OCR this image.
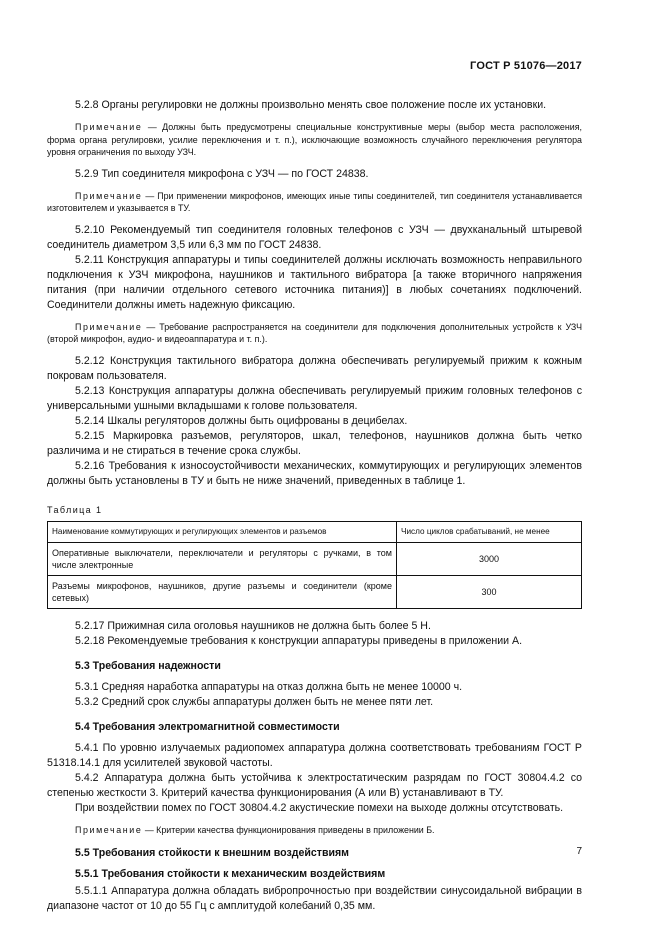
ГОСТ Р 51076—2017

5.2.8 Органы регулировки не должны произвольно менять свое положение после их установки.

Примечание — Должны быть предусмотрены специальные конструктивные меры (выбор места расположения, формa органа регулировки, усилие переключения и т. п.), исключающие возможность случайного переключения регулятора уровня ограничения по выходу УЗЧ.

5.2.9 Тип соединителя микрофона с УЗЧ — по ГОСТ 24838.

Примечание — При применении микрофонов, имеющих иные типы соединителей, тип соединителя устанавливается изготовителем и указывается в ТУ.

5.2.10 Рекомендуемый тип соединителя головных телефонов с УЗЧ — двухканальный штыревой соединитель диаметром 3,5 или 6,3 мм по ГОСТ 24838.

5.2.11 Конструкция аппаратуры и типы соединителей должны исключать возможность неправильного подключения к УЗЧ микрофона, наушников и тактильного вибратора [а также вторичного напряжения питания (при наличии отдельного сетевого источника питания)] в любых сочетаниях подключений. Соединители должны иметь надежную фиксацию.

Примечание — Требование распространяется на соединители для подключения дополнительных устройств к УЗЧ (второй микрофон, аудио- и видеоаппаратура и т. п.).

5.2.12 Конструкция тактильного вибратора должна обеспечивать регулируемый прижим к кожным покровам пользователя.

5.2.13 Конструкция аппаратуры должна обеспечивать регулируемый прижим головных телефонов с универсальными ушными вкладышами к голове пользователя.

5.2.14 Шкалы регуляторов должны быть оцифрованы в децибелах.

5.2.15 Маркировка разъемов, регуляторов, шкал, телефонов, наушников должна быть четко различима и не стираться в течение срока службы.

5.2.16 Требования к износоустойчивости механических, коммутирующих и регулирующих элементов должны быть установлены в ТУ и быть не ниже значений, приведенных в таблице 1.

Таблица 1

Наименование коммутирующих и регулирующих элементов и разъемов	Число циклов срабатываний, не менее
Оперативные выключатели, переключатели и регуляторы с ручками, в том числе электронные	3000
Разъемы микрофонов, наушников, другие разъемы и соединители (кроме сетевых)	300

5.2.17 Прижимная сила оголовья наушников не должна быть более 5 Н.

5.2.18 Рекомендуемые требования к конструкции аппаратуры приведены в приложении А.

5.3 Требования надежности

5.3.1 Средняя наработка аппаратуры на отказ должна быть не менее 10000 ч.

5.3.2 Средний срок службы аппаратуры должен быть не менее пяти лет.

5.4 Требования электромагнитной совместимости

5.4.1 По уровню излучаемых радиопомех аппаратура должна соответствовать требованиям ГОСТ Р 51318.14.1 для усилителей звуковой частоты.

5.4.2 Аппаратура должна быть устойчива к электростатическим разрядам по ГОСТ 30804.4.2 со степенью жесткости 3. Критерий качества функционирования (А или В) устанавливают в ТУ.

При воздействии помех по ГОСТ 30804.4.2 акустические помехи на выходе должны отсутствовать.

Примечание — Критерии качества функционирования приведены в приложении Б.

5.5 Требования стойкости к внешним воздействиям
5.5.1 Требования стойкости к механическим воздействиям

5.5.1.1 Аппаратура должна обладать вибропрочностью при воздействии синусоидальной вибрации в диапазоне частот от 10 до 55 Гц с амплитудой колебаний 0,35 мм.

7
